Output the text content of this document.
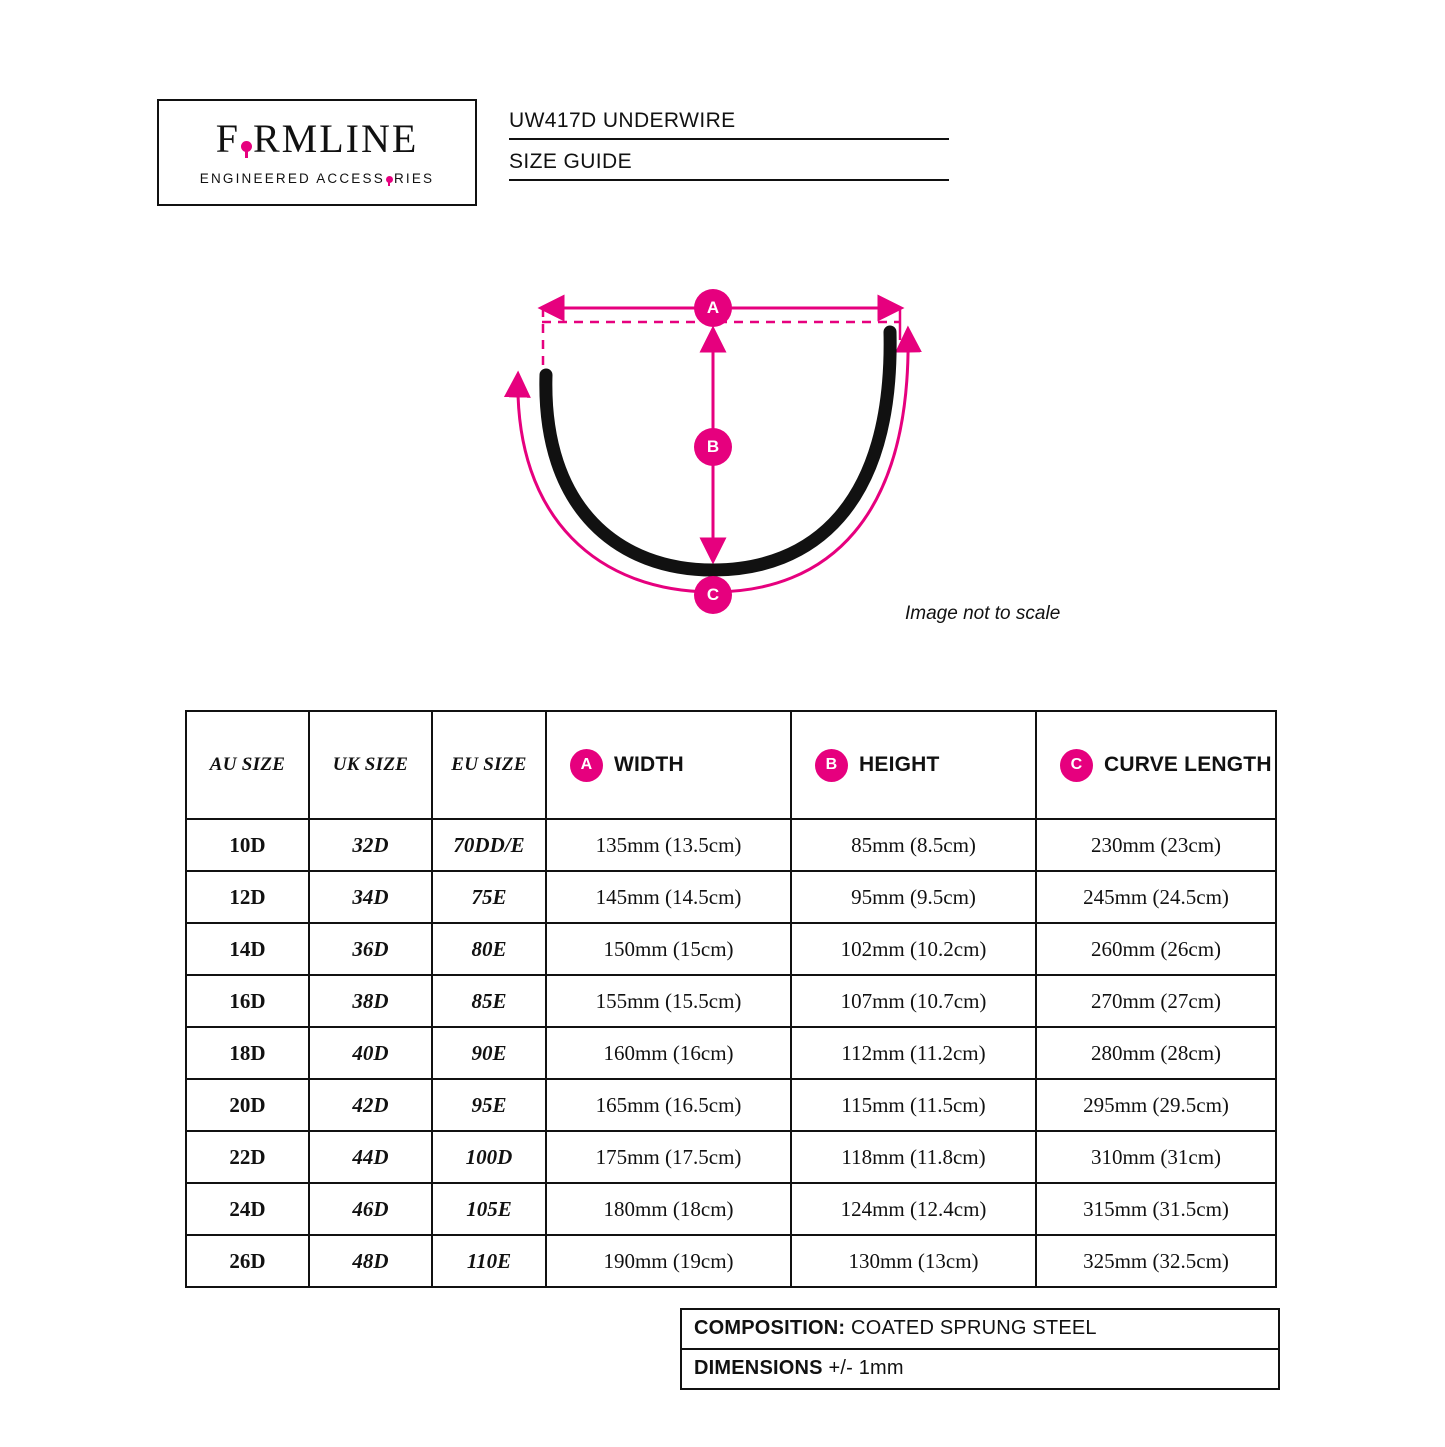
F RMLINE
ENGINEERED ACCESS RIES
UW417D UNDERWIRE
SIZE GUIDE
A
B
C
Image not to scale
AU SIZE	UK SIZE	EU SIZE	A WIDTH	B HEIGHT	C CURVE LENGTH

10D	32D	70DD/E	135mm (13.5cm)	85mm (8.5cm)	230mm (23cm)
12D	34D	75E	145mm (14.5cm)	95mm (9.5cm)	245mm (24.5cm)
14D	36D	80E	150mm (15cm)	102mm (10.2cm)	260mm (26cm)
16D	38D	85E	155mm (15.5cm)	107mm (10.7cm)	270mm (27cm)
18D	40D	90E	160mm (16cm)	112mm (11.2cm)	280mm (28cm)
20D	42D	95E	165mm (16.5cm)	115mm (11.5cm)	295mm (29.5cm)
22D	44D	100D	175mm (17.5cm)	118mm (11.8cm)	310mm (31cm)
24D	46D	105E	180mm (18cm)	124mm (12.4cm)	315mm (31.5cm)
26D	48D	110E	190mm (19cm)	130mm (13cm)	325mm (32.5cm)
COMPOSITION: COATED SPRUNG STEEL
DIMENSIONS +/- 1mm
